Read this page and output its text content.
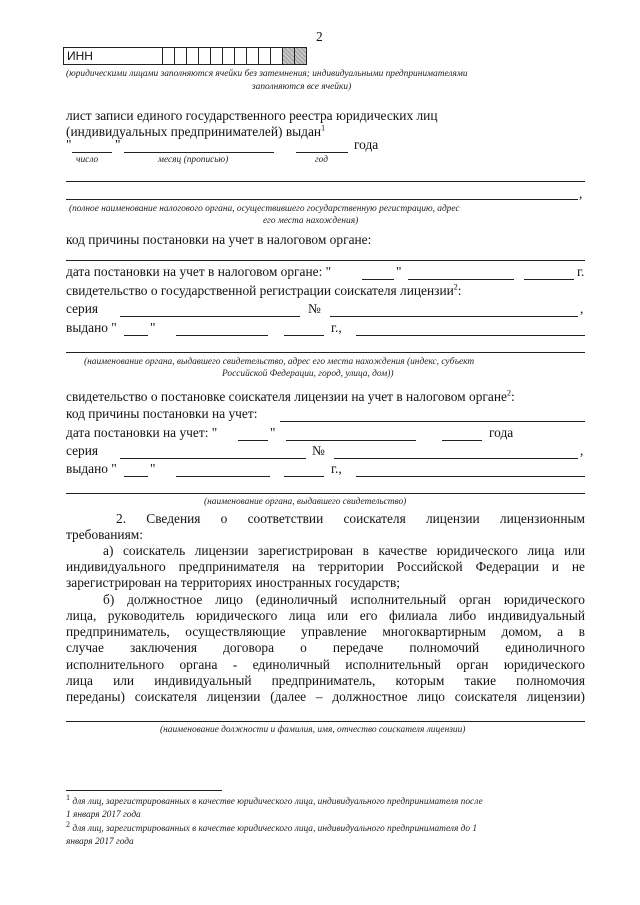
2
ИНН
(юридическими лицами заполняются ячейки без затемнения; индивидуальными предпринимателями
заполняются все ячейки)
лист записи единого государственного реестра юридических лиц
(индивидуальных предпринимателей) выдан$^1$
"	"	года
число	месяц (прописью)	год
,
(полное наименование налогового органа, осуществившего государственную регистрацию, адрес
его места нахождения)
код причины постановки на учет в налоговом органе:
дата постановки на учет в налоговом органе: "	"	г.
свидетельство о государственной регистрации соискателя лицензии$^2$:
серия	№	,
выдано " "	г.,
(наименование органа, выдавшего свидетельство, адрес его места нахождения (индекс, субъект
Российской Федерации, город, улица, дом))
свидетельство о постановке соискателя лицензии на учет в налоговом органе$^2$:
код причины постановки на учет:
дата постановки на учет: "	"	года
серия	№	,
выдано " "	г.,
(наименование органа, выдавшего свидетельство)
2. Сведения о соответствии соискателя лицензии лицензионным
требованиям:
а) соискатель лицензии зарегистрирован в качестве юридического лица или
индивидуального предпринимателя на территории Российской Федерации и не
зарегистрирован на территориях иностранных государств;
б) должностное лицо (единоличный исполнительный орган юридического
лица, руководитель юридического лица или его филиала либо индивидуальный
предприниматель, осуществляющие управление многоквартирным домом, а в
случае заключения договора о передаче полномочий единоличного
исполнительного органа - единоличный исполнительный орган юридического
лица или индивидуальный предприниматель, которым такие полномочия
переданы) соискателя лицензии (далее – должностное лицо соискателя лицензии)
(наименование должности и фамилия, имя, отчество соискателя лицензии)
1 для лиц, зарегистрированных в качестве юридического лица, индивидуального предпринимателя после
1 января 2017 года
2 для лиц, зарегистрированных в качестве юридического лица, индивидуального предпринимателя до 1
января 2017 года
